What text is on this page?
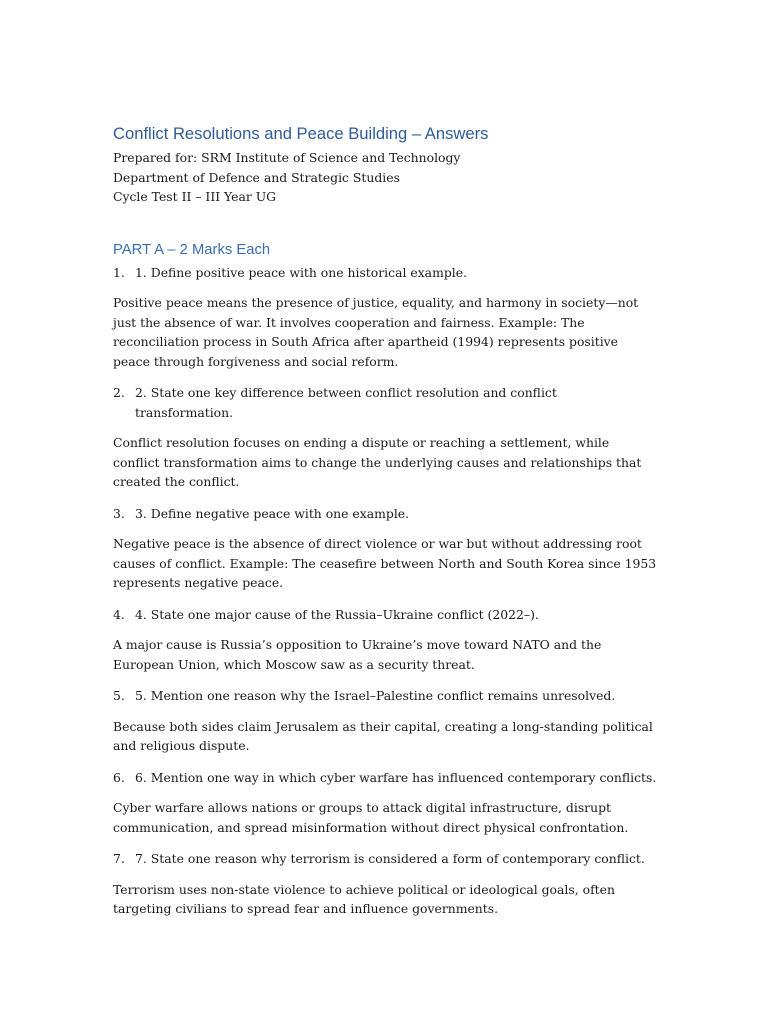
Conflict Resolutions and Peace Building – Answers

Prepared for: SRM Institute of Science and Technology

Department of Defence and Strategic Studies

Cycle Test II – III Year UG

PART A – 2 Marks Each

1. 1. Define positive peace with one historical example.

Positive peace means the presence of justice, equality, and harmony in society—not just the absence of war. It involves cooperation and fairness. Example: The reconciliation process in South Africa after apartheid (1994) represents positive peace through forgiveness and social reform.

2. 2. State one key difference between conflict resolution and conflict transformation.

Conflict resolution focuses on ending a dispute or reaching a settlement, while conflict transformation aims to change the underlying causes and relationships that created the conflict.

3. 3. Define negative peace with one example.

Negative peace is the absence of direct violence or war but without addressing root causes of conflict. Example: The ceasefire between North and South Korea since 1953 represents negative peace.

4. 4. State one major cause of the Russia–Ukraine conflict (2022–).

A major cause is Russia’s opposition to Ukraine’s move toward NATO and the European Union, which Moscow saw as a security threat.

5. 5. Mention one reason why the Israel–Palestine conflict remains unresolved.

Because both sides claim Jerusalem as their capital, creating a long-standing political and religious dispute.

6. 6. Mention one way in which cyber warfare has influenced contemporary conflicts.

Cyber warfare allows nations or groups to attack digital infrastructure, disrupt communication, and spread misinformation without direct physical confrontation.

7. 7. State one reason why terrorism is considered a form of contemporary conflict.

Terrorism uses non-state violence to achieve political or ideological goals, often targeting civilians to spread fear and influence governments.
